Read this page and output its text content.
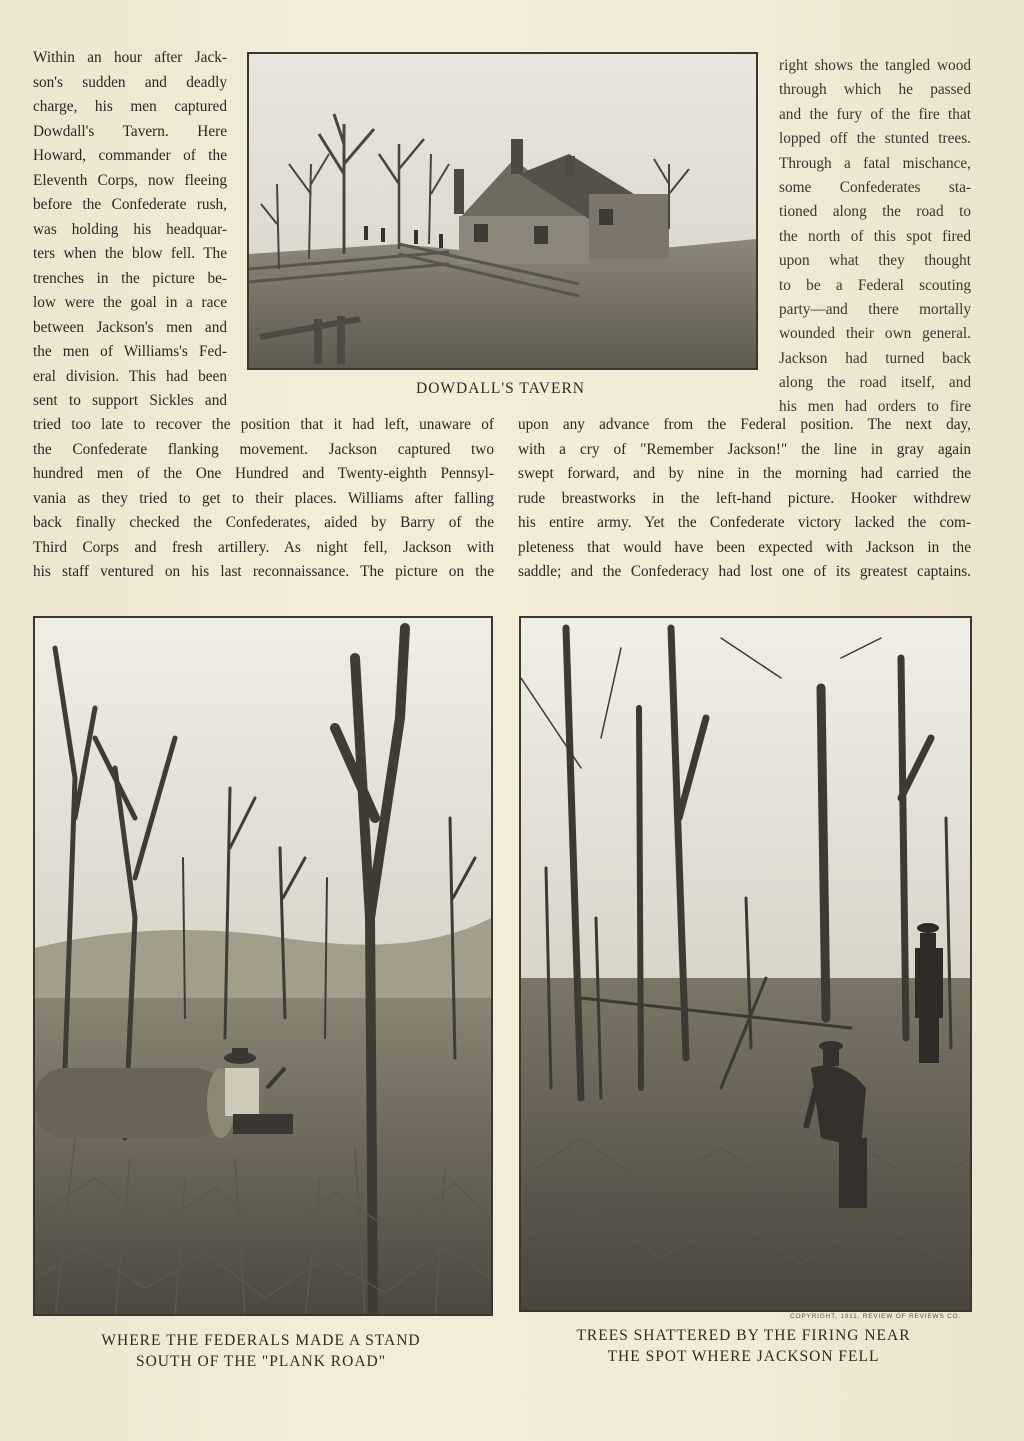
Within an hour after Jack-
son's sudden and deadly
charge, his men captured
Dowdall's Tavern. Here
Howard, commander of the
Eleventh Corps, now fleeing
before the Confederate rush,
was holding his headquar-
ters when the blow fell. The
trenches in the picture be-
low were the goal in a race
between Jackson's men and
the men of Williams's Fed-
eral division. This had been
sent to support Sickles and
right shows the tangled wood
through which he passed
and the fury of the fire that
lopped off the stunted trees.
Through a fatal mischance,
some Confederates sta-
tioned along the road to
the north of this spot fired
upon what they thought
to be a Federal scouting
party—and there mortally
wounded their own general.
Jackson had turned back
along the road itself, and
his men had orders to fire
DOWDALL'S TAVERN
tried too late to recover the position that it had left, unaware of
the Confederate flanking movement. Jackson captured two
hundred men of the One Hundred and Twenty-eighth Pennsyl-
vania as they tried to get to their places. Williams after falling
back finally checked the Confederates, aided by Barry of the
Third Corps and fresh artillery. As night fell, Jackson with
his staff ventured on his last reconnaissance. The picture on the
upon any advance from the Federal position. The next day,
with a cry of "Remember Jackson!" the line in gray again
swept forward, and by nine in the morning had carried the
rude breastworks in the left-hand picture. Hooker withdrew
his entire army. Yet the Confederate victory lacked the com-
pleteness that would have been expected with Jackson in the
saddle; and the Confederacy had lost one of its greatest captains.
COPYRIGHT, 1911, REVIEW OF REVIEWS CO.
WHERE THE FEDERALS MADE A STAND
SOUTH OF THE "PLANK ROAD"
TREES SHATTERED BY THE FIRING NEAR
THE SPOT WHERE JACKSON FELL
